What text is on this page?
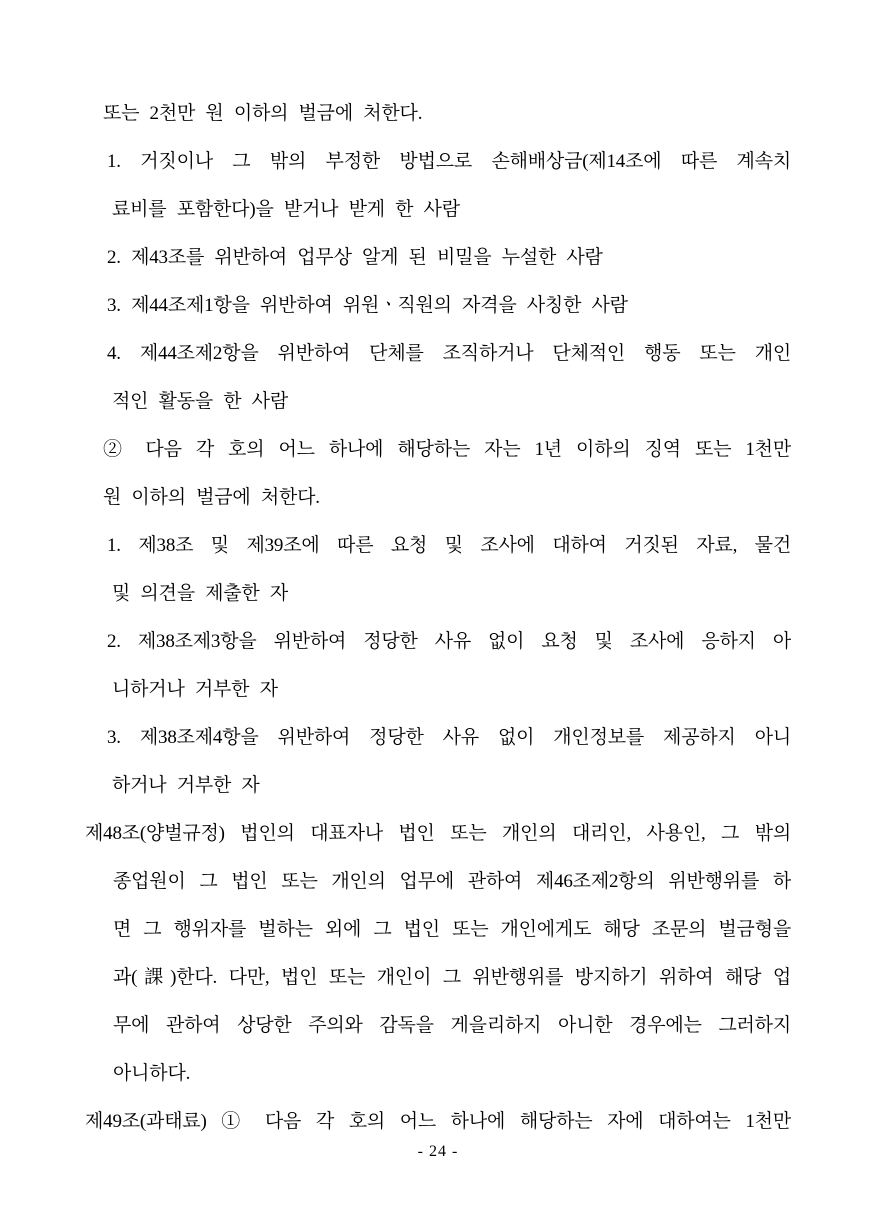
또는 2천만 원 이하의 벌금에 처한다.
1. 거짓이나 그 밖의 부정한 방법으로 손해배상금(제14조에 따른 계속치
료비를 포함한다)을 받거나 받게 한 사람
2. 제43조를 위반하여 업무상 알게 된 비밀을 누설한 사람
3. 제44조제1항을 위반하여 위원ㆍ직원의 자격을 사칭한 사람
4. 제44조제2항을 위반하여 단체를 조직하거나 단체적인 행동 또는 개인
적인 활동을 한 사람
② 다음 각 호의 어느 하나에 해당하는 자는 1년 이하의 징역 또는 1천만
원 이하의 벌금에 처한다.
1. 제38조 및 제39조에 따른 요청 및 조사에 대하여 거짓된 자료, 물건
및 의견을 제출한 자
2. 제38조제3항을 위반하여 정당한 사유 없이 요청 및 조사에 응하지 아
니하거나 거부한 자
3. 제38조제4항을 위반하여 정당한 사유 없이 개인정보를 제공하지 아니
하거나 거부한 자
제48조(양벌규정) 법인의 대표자나 법인 또는 개인의 대리인, 사용인, 그 밖의
종업원이 그 법인 또는 개인의 업무에 관하여 제46조제2항의 위반행위를 하
면 그 행위자를 벌하는 외에 그 법인 또는 개인에게도 해당 조문의 벌금형을
과(課)한다. 다만, 법인 또는 개인이 그 위반행위를 방지하기 위하여 해당 업
무에 관하여 상당한 주의와 감독을 게을리하지 아니한 경우에는 그러하지
아니하다.
제49조(과태료) ① 다음 각 호의 어느 하나에 해당하는 자에 대하여는 1천만
- 24 -
